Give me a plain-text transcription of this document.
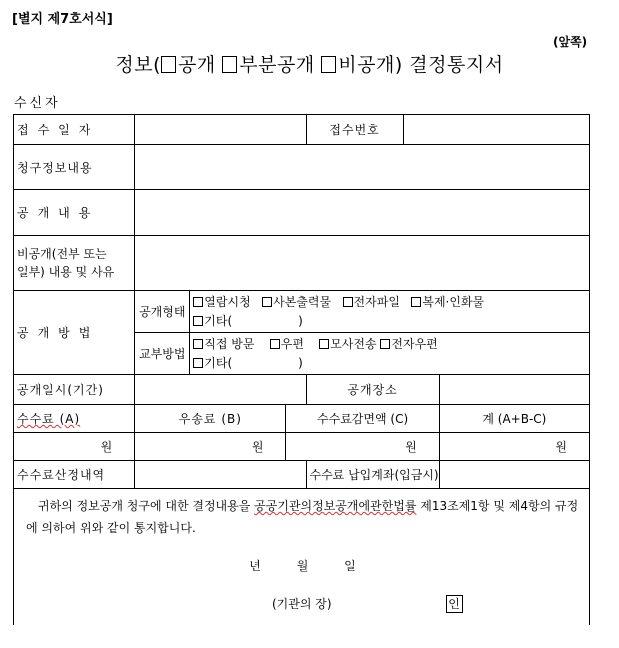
[별지 제7호서식]
(앞쪽)
정보( 공개 부분공개 비공개) 결정통지서
수신자
접수일자				접수번호		
청구정보내용						
공개내용						

비공개(전부 또는
일부) 내용 및 사유						

공개방법	공개형태	열람시청 사본출력물 전자파일 복제·인화물
기타( )				

	교부방법	직접 방문 우편 모사전송 전자우편
기타( )				

공개일시(기간)				공개장소		
수수료 (A)	우송료 (B)		수수료감면액 (C)			계 (A+B-C)
원	원		원			원
수수료산정내역				수수료 납입계좌(입금시)		

귀하의 정보공개 청구에 대한 결정내용을 공공기관의정보공개에관한법률 제13조제1항 및 제4항의 규정에 의하여 위와 같이 통지합니다.
년 월 일
(기관의 장) 인						
